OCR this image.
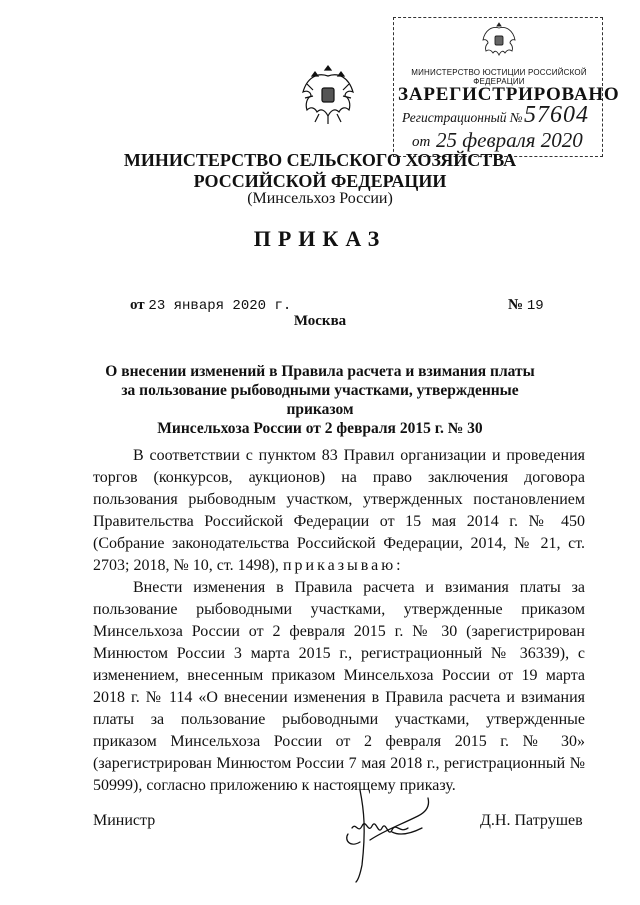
МИНИСТЕРСТВО ЮСТИЦИИ РОССИЙСКОЙ ФЕДЕРАЦИИ
ЗАРЕГИСТРИРОВАНО
Регистрационный № 57604
от 25 февраля 2020
МИНИСТЕРСТВО СЕЛЬСКОГО ХОЗЯЙСТВА
РОССИЙСКОЙ ФЕДЕРАЦИИ
(Минсельхоз России)
ПРИКАЗ
от 23 января 2020 г.	№ 19
Москва
О внесении изменений в Правила расчета и взимания платы
за пользование рыбоводными участками, утвержденные приказом
Минсельхоза России от 2 февраля 2015 г. № 30

В соответствии с пунктом 83 Правил организации и проведения торгов (конкурсов, аукционов) на право заключения договора пользования рыбоводным участком, утвержденных постановлением Правительства Российской Федерации от 15 мая 2014 г. № 450 (Собрание законодательства Российской Федерации, 2014, № 21, ст. 2703; 2018, № 10, ст. 1498), приказываю:

Внести изменения в Правила расчета и взимания платы за пользование рыбоводными участками, утвержденные приказом Минсельхоза России от 2 февраля 2015 г. № 30 (зарегистрирован Минюстом России 3 марта 2015 г., регистрационный № 36339), с изменением, внесенным приказом Минсельхоза России от 19 марта 2018 г. № 114 «О внесении изменения в Правила расчета и взимания платы за пользование рыбоводными участками, утвержденные приказом Минсельхоза России от 2 февраля 2015 г. № 30» (зарегистрирован Минюстом России 7 мая 2018 г., регистрационный № 50999), согласно приложению к настоящему приказу.

Министр	Д.Н. Патрушев
